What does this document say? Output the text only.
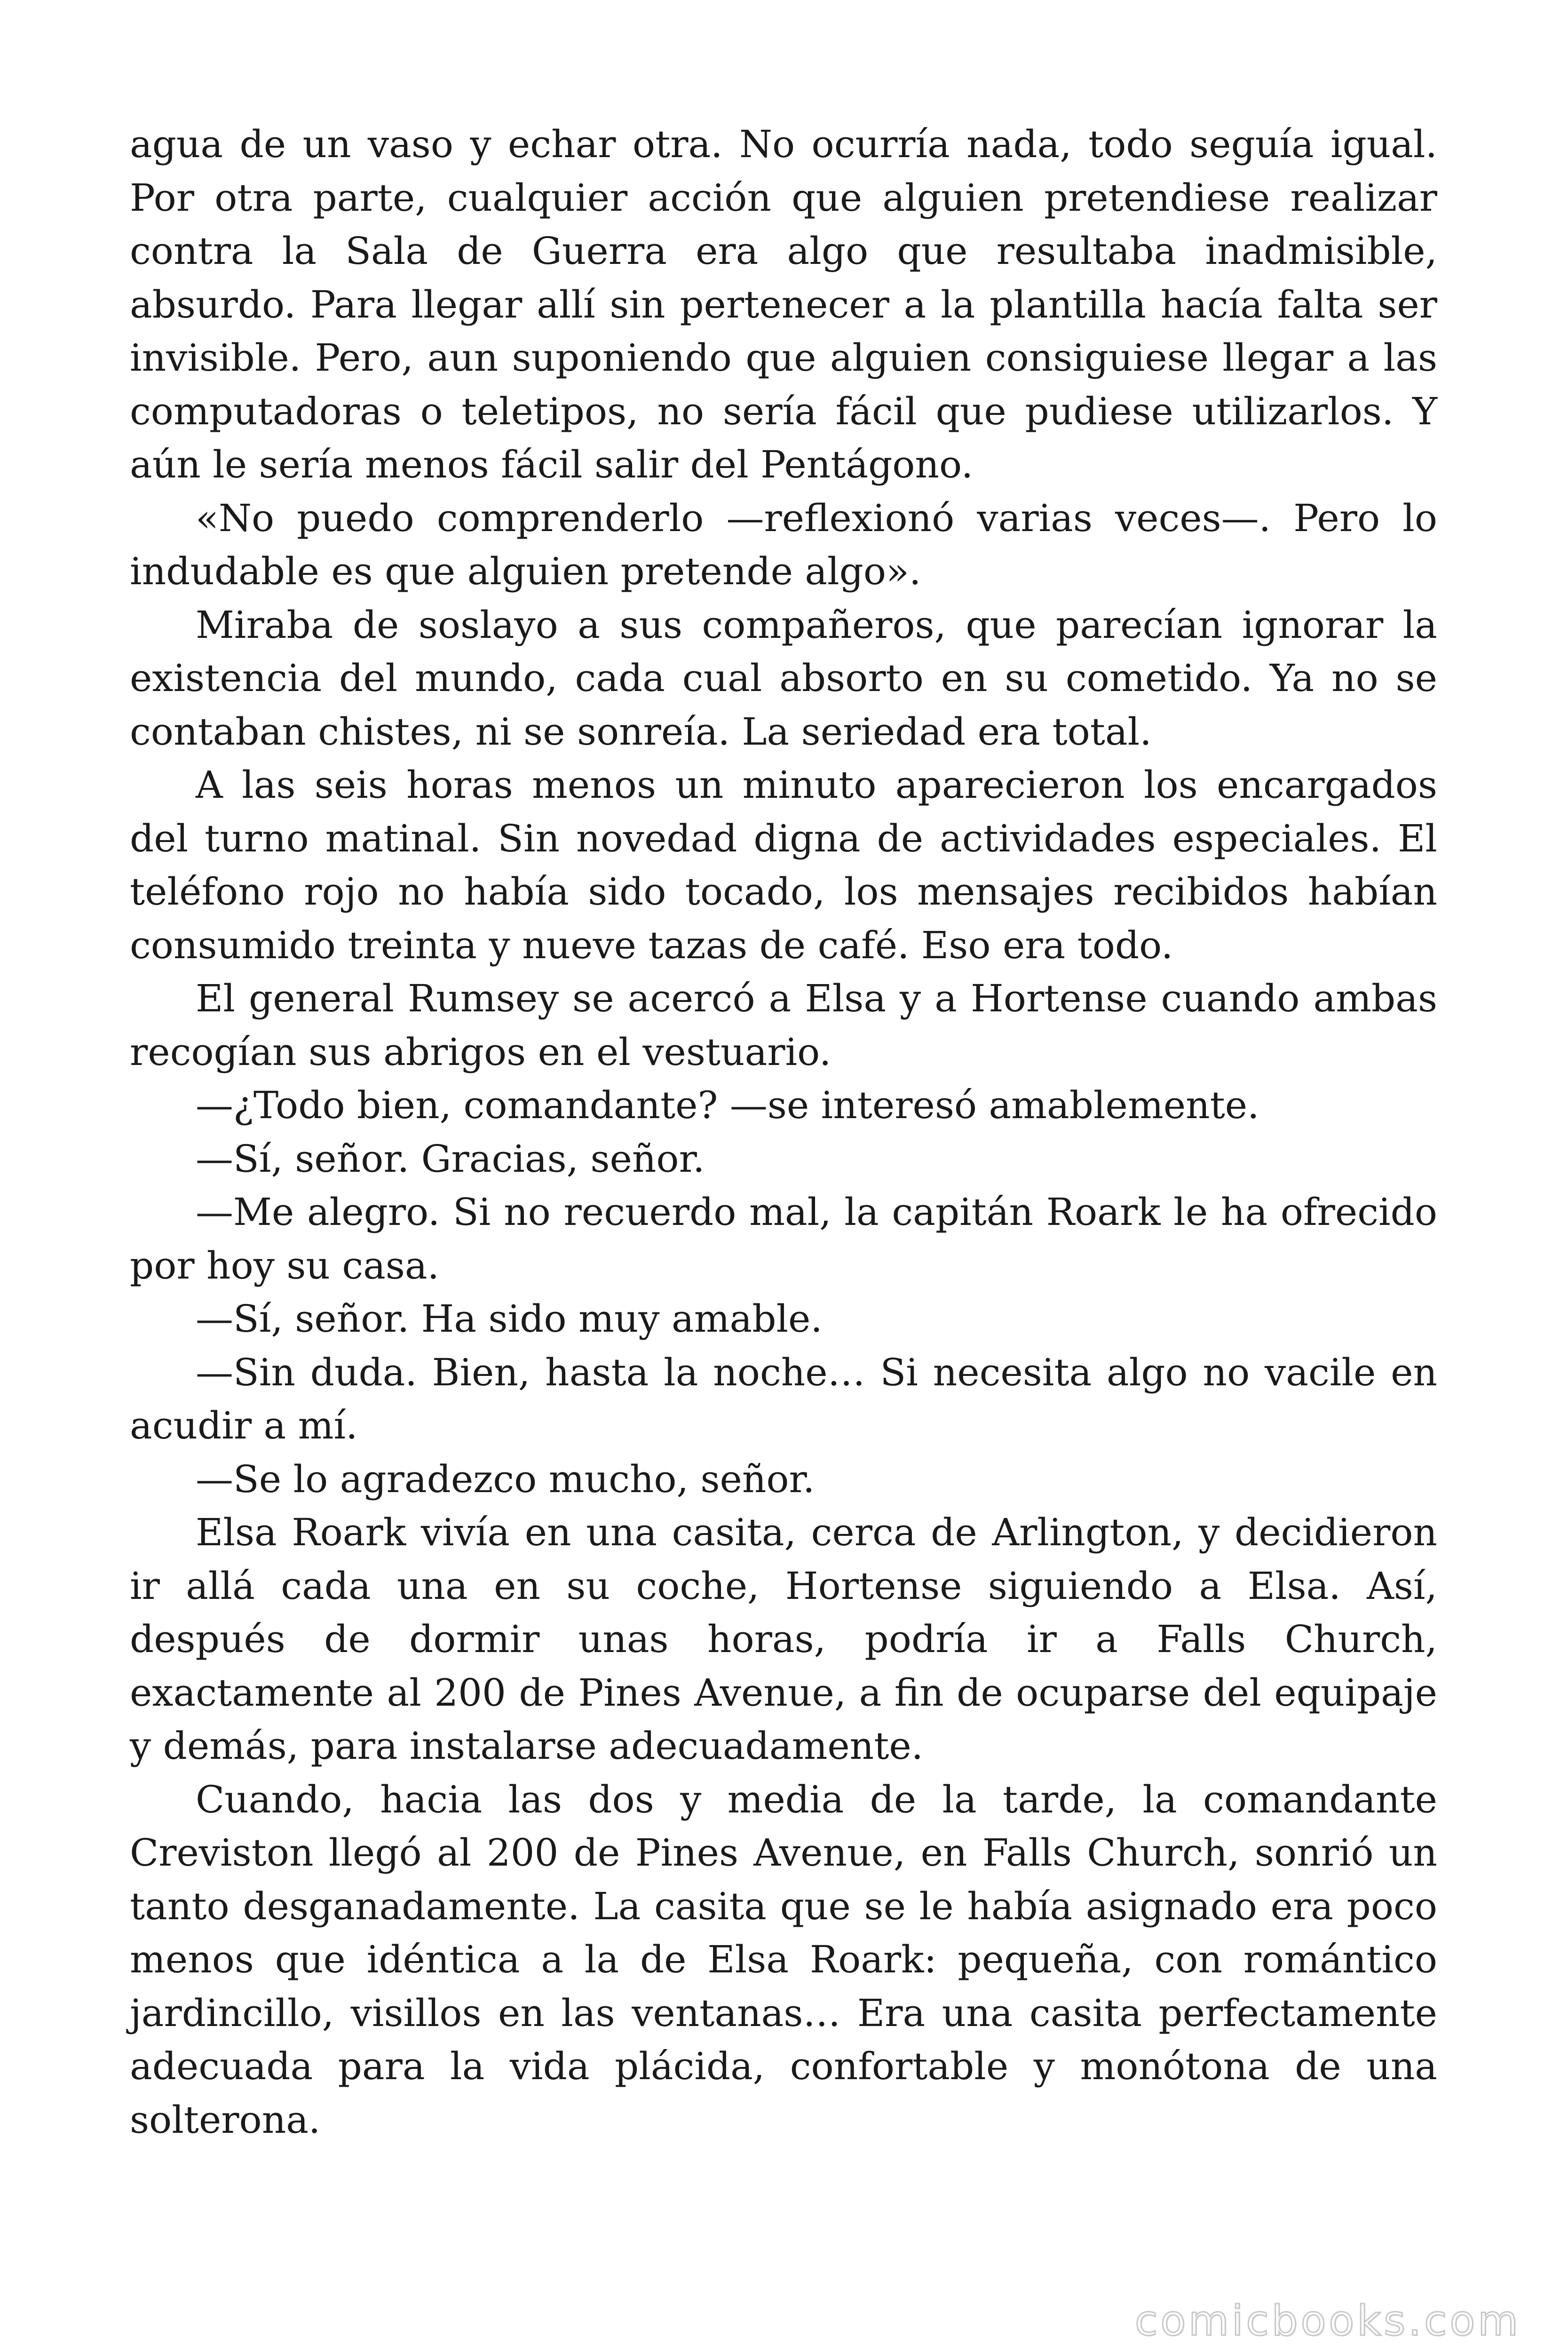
agua de un vaso y echar otra. No ocurría nada, todo seguía igual. Por otra parte, cualquier acción que alguien pretendiese realizar contra la Sala de Guerra era algo que resultaba inadmisible, absurdo. Para llegar allí sin pertenecer a la plantilla hacía falta ser invisible. Pero, aun suponiendo que alguien consiguiese llegar a las computadoras o teletipos, no sería fácil que pudiese utilizarlos. Y aún le sería menos fácil salir del Pentágono.

«No puedo comprenderlo —reflexionó varias veces—. Pero lo indudable es que alguien pretende algo».

Miraba de soslayo a sus compañeros, que parecían ignorar la existencia del mundo, cada cual absorto en su cometido. Ya no se contaban chistes, ni se sonreía. La seriedad era total.

A las seis horas menos un minuto aparecieron los encargados del turno matinal. Sin novedad digna de actividades especiales. El teléfono rojo no había sido tocado, los mensajes recibidos habían consumido treinta y nueve tazas de café. Eso era todo.

El general Rumsey se acercó a Elsa y a Hortense cuando ambas recogían sus abrigos en el vestuario.

—¿Todo bien, comandante? —se interesó amablemente.

—Sí, señor. Gracias, señor.

—Me alegro. Si no recuerdo mal, la capitán Roark le ha ofrecido por hoy su casa.

—Sí, señor. Ha sido muy amable.

—Sin duda. Bien, hasta la noche… Si necesita algo no vacile en acudir a mí.

—Se lo agradezco mucho, señor.

Elsa Roark vivía en una casita, cerca de Arlington, y decidieron ir allá cada una en su coche, Hortense siguiendo a Elsa. Así, después de dormir unas horas, podría ir a Falls Church, exactamente al 200 de Pines Avenue, a fin de ocuparse del equipaje y demás, para instalarse adecuadamente.

Cuando, hacia las dos y media de la tarde, la comandante Creviston llegó al 200 de Pines Avenue, en Falls Church, sonrió un tanto desganadamente. La casita que se le había asignado era poco menos que idéntica a la de Elsa Roark: pequeña, con romántico jardincillo, visillos en las ventanas… Era una casita perfectamente adecuada para la vida plácida, confortable y monótona de una solterona.

comicbooks.com
